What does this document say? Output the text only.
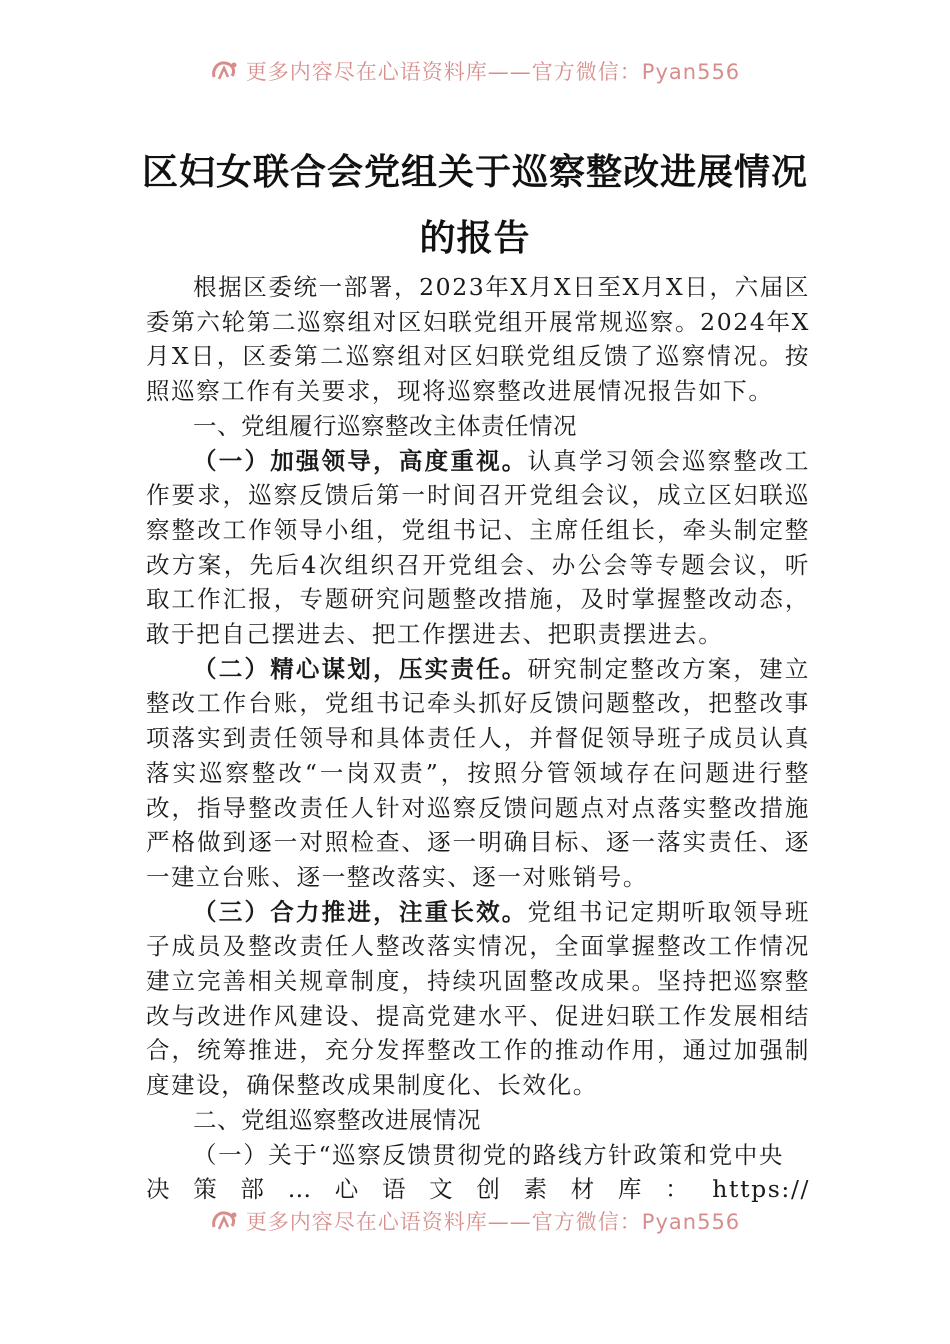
更多内容尽在心语资料库——官方微信：Pyan556
区妇女联合会党组关于巡察整改进展情况
的报告

根据区委统一部署，2023年X月X日至X月X日，六届区委第六轮第二巡察组对区妇联党组开展常规巡察。2024年X月X日，区委第二巡察组对区妇联党组反馈了巡察情况。按照巡察工作有关要求，现将巡察整改进展情况报告如下。

一、党组履行巡察整改主体责任情况

（一）加强领导，高度重视。认真学习领会巡察整改工作要求，巡察反馈后第一时间召开党组会议，成立区妇联巡察整改工作领导小组，党组书记、主席任组长，牵头制定整改方案，先后4次组织召开党组会、办公会等专题会议，听取工作汇报，专题研究问题整改措施，及时掌握整改动态，敢于把自己摆进去、把工作摆进去、把职责摆进去。

（二）精心谋划，压实责任。研究制定整改方案，建立整改工作台账，党组书记牵头抓好反馈问题整改，把整改事项落实到责任领导和具体责任人，并督促领导班子成员认真落实巡察整改“一岗双责”，按照分管领域存在问题进行整改，指导整改责任人针对巡察反馈问题点对点落实整改措施严格做到逐一对照检查、逐一明确目标、逐一落实责任、逐一建立台账、逐一整改落实、逐一对账销号。

（三）合力推进，注重长效。党组书记定期听取领导班子成员及整改责任人整改落实情况，全面掌握整改工作情况建立完善相关规章制度，持续巩固整改成果。坚持把巡察整改与改进作风建设、提高党建水平、促进妇联工作发展相结合，统筹推进，充分发挥整改工作的推动作用，通过加强制度建设，确保整改成果制度化、长效化。

二、党组巡察整改进展情况

（一）关于“巡察反馈贯彻党的路线方针政策和党中央

决策部…心语文创素材库：https://

更多内容尽在心语资料库——官方微信：Pyan556
